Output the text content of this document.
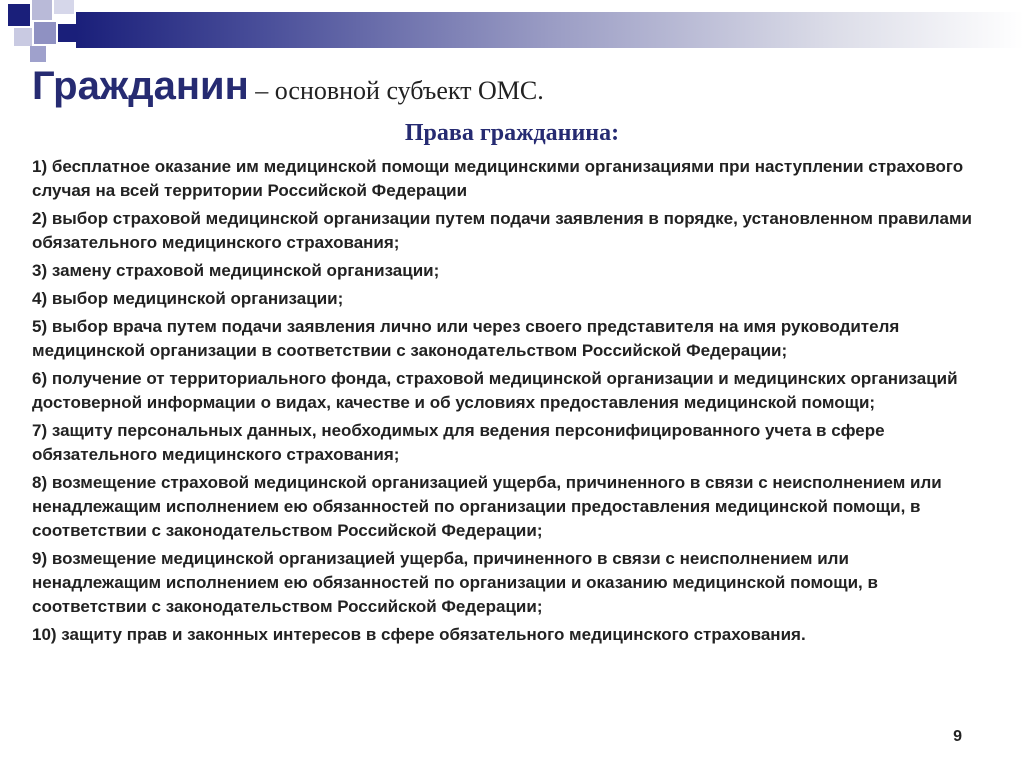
Гражданин – основной субъект ОМС.
Права гражданина:
1) бесплатное оказание им медицинской помощи медицинскими организациями при наступлении страхового случая на всей территории Российской Федерации
2) выбор страховой медицинской организации путем подачи заявления в порядке, установленном правилами обязательного медицинского страхования;
3) замену страховой медицинской организации;
4) выбор медицинской организации;
5) выбор врача путем подачи заявления лично или через своего представителя на имя руководителя медицинской организации в соответствии с законодательством Российской Федерации;
6) получение от территориального фонда, страховой медицинской организации и медицинских организаций достоверной информации о видах, качестве и об условиях предоставления медицинской помощи;
7) защиту персональных данных, необходимых для ведения персонифицированного учета в сфере обязательного медицинского страхования;
8) возмещение страховой медицинской организацией ущерба, причиненного в связи с неисполнением или ненадлежащим исполнением ею обязанностей по организации предоставления медицинской помощи, в соответствии с законодательством Российской Федерации;
9) возмещение медицинской организацией ущерба, причиненного в связи с неисполнением или ненадлежащим исполнением ею обязанностей по организации и оказанию медицинской помощи, в соответствии с законодательством Российской Федерации;
10) защиту прав и законных интересов в сфере обязательного медицинского страхования.
9
